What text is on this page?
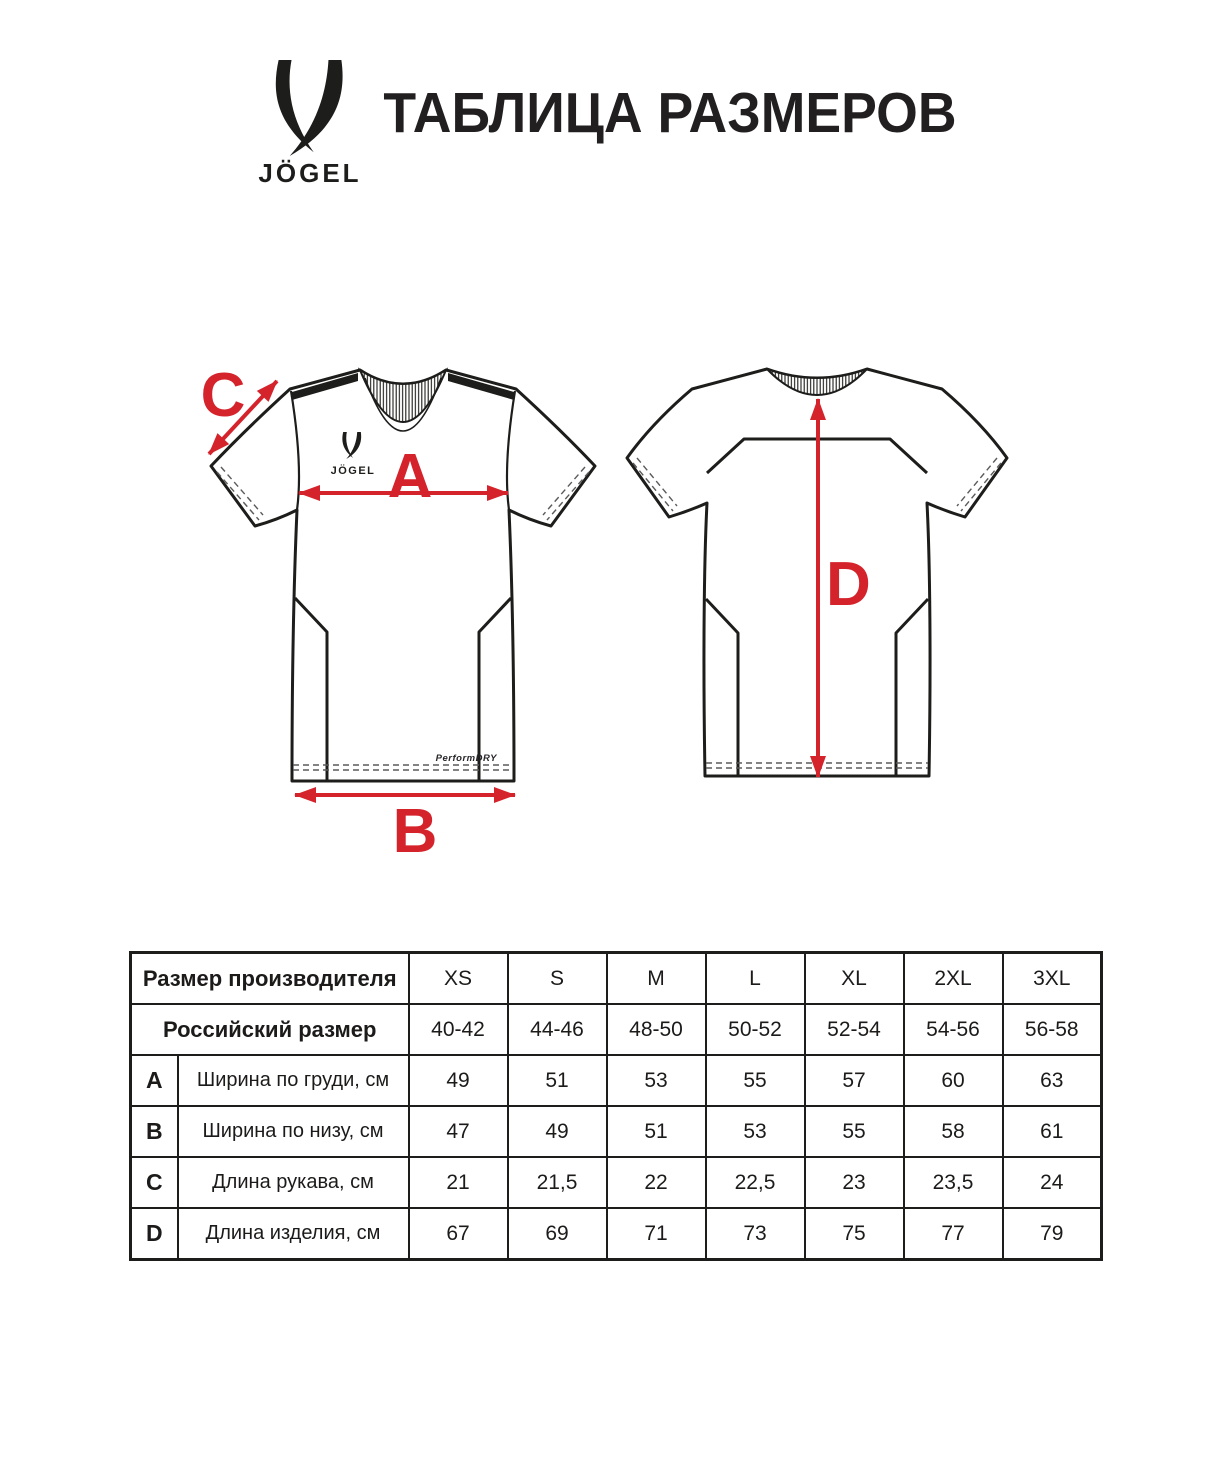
JÖGEL
ТАБЛИЦА РАЗМЕРОВ
JÖGEL
PerformDRY
A
B
C
D
Размер производителя		XS	S	M	L	XL	2XL	3XL
Российский размер		40-42	44-46	48-50	50-52	52-54	54-56	56-58
A	Ширина по груди, см	49	51	53	55	57	60	63
B	Ширина по низу, см	47	49	51	53	55	58	61
C	Длина рукава, см	21	21,5	22	22,5	23	23,5	24
D	Длина изделия, см	67	69	71	73	75	77	79
